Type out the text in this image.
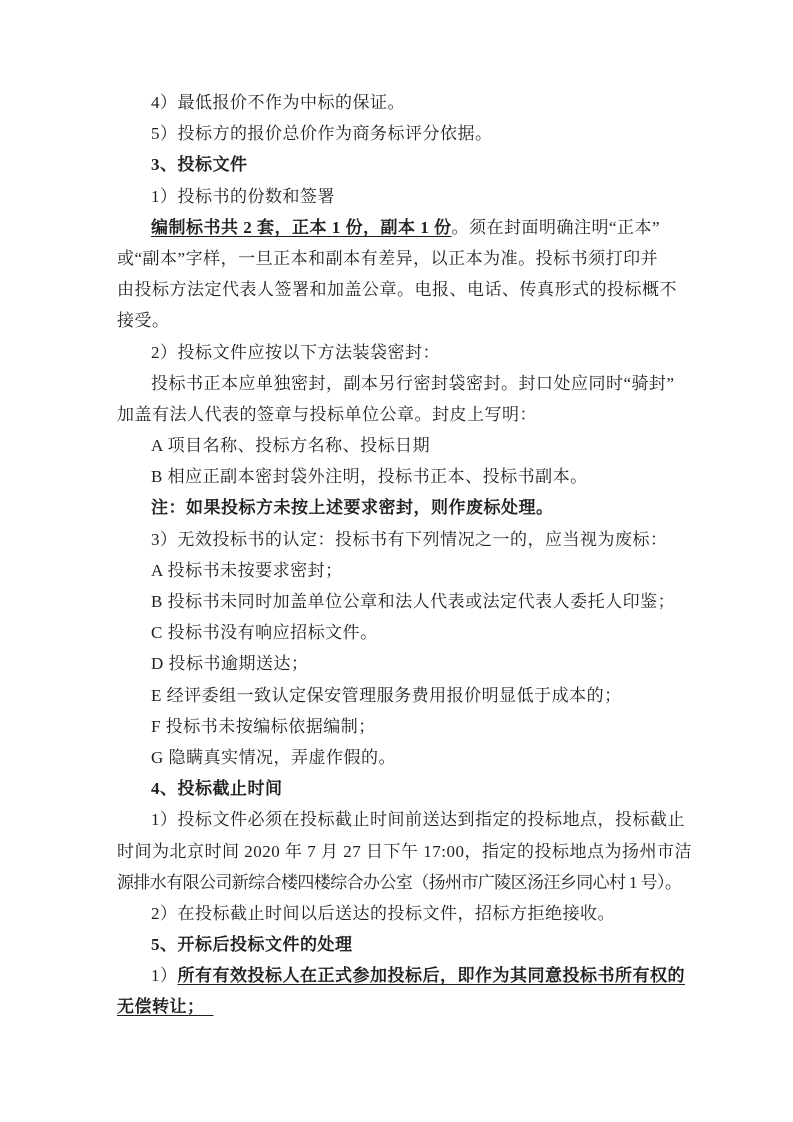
4）最低报价不作为中标的保证。
5）投标方的报价总价作为商务标评分依据。
3、投标文件
1）投标书的份数和签署
编制标书共 2 套，正本 1 份，副本 1 份。须在封面明确注明“正本”
或“副本”字样，一旦正本和副本有差异，以正本为准。投标书须打印并
由投标方法定代表人签署和加盖公章。电报、电话、传真形式的投标概不
接受。
2）投标文件应按以下方法装袋密封：
投标书正本应单独密封，副本另行密封袋密封。封口处应同时“骑封”
加盖有法人代表的签章与投标单位公章。封皮上写明：
A 项目名称、投标方名称、投标日期
B 相应正副本密封袋外注明，投标书正本、投标书副本。
注：如果投标方未按上述要求密封，则作废标处理。
3）无效投标书的认定：投标书有下列情况之一的，应当视为废标：
A 投标书未按要求密封；
B 投标书未同时加盖单位公章和法人代表或法定代表人委托人印鉴；
C 投标书没有响应招标文件。
D 投标书逾期送达；
E 经评委组一致认定保安管理服务费用报价明显低于成本的；
F 投标书未按编标依据编制；
G 隐瞒真实情况，弄虚作假的。
4、投标截止时间
1）投标文件必须在投标截止时间前送达到指定的投标地点，投标截止
时间为北京时间 2020 年 7 月 27 日下午 17:00，指定的投标地点为扬州市洁
源排水有限公司新综合楼四楼综合办公室（扬州市广陵区汤汪乡同心村 1 号）。
2）在投标截止时间以后送达的投标文件，招标方拒绝接收。
5、开标后投标文件的处理
1）所有有效投标人在正式参加投标后，即作为其同意投标书所有权的
无偿转让；　
